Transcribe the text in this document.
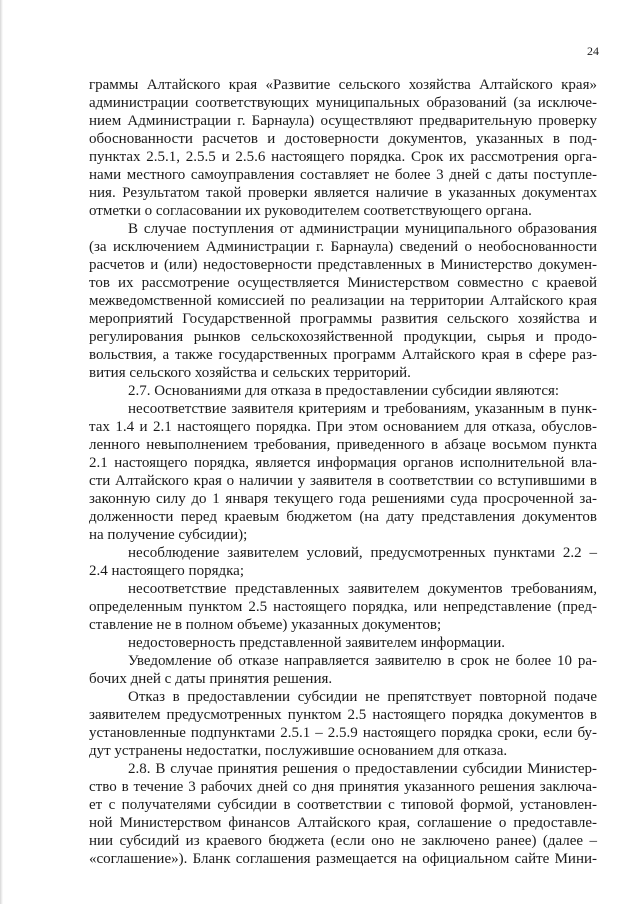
24
граммы Алтайского края «Развитие сельского хозяйства Алтайского края»
администрации соответствующих муниципальных образований (за исключе-
нием Администрации г. Барнаула) осуществляют предварительную проверку
обоснованности расчетов и достоверности документов, указанных в под-
пунктах 2.5.1, 2.5.5 и 2.5.6 настоящего порядка. Срок их рассмотрения орга-
нами местного самоуправления составляет не более 3 дней с даты поступле-
ния. Результатом такой проверки является наличие в указанных документах
отметки о согласовании их руководителем соответствующего органа.
В случае поступления от администрации муниципального образования
(за исключением Администрации г. Барнаула) сведений о необоснованности
расчетов и (или) недостоверности представленных в Министерство докумен-
тов их рассмотрение осуществляется Министерством совместно с краевой
межведомственной комиссией по реализации на территории Алтайского края
мероприятий Государственной программы развития сельского хозяйства и
регулирования рынков сельскохозяйственной продукции, сырья и продо-
вольствия, а также государственных программ Алтайского края в сфере раз-
вития сельского хозяйства и сельских территорий.
2.7. Основаниями для отказа в предоставлении субсидии являются:
несоответствие заявителя критериям и требованиям, указанным в пунк-
тах 1.4 и 2.1 настоящего порядка. При этом основанием для отказа, обуслов-
ленного невыполнением требования, приведенного в абзаце восьмом пункта
2.1 настоящего порядка, является информация органов исполнительной вла-
сти Алтайского края о наличии у заявителя в соответствии со вступившими в
законную силу до 1 января текущего года решениями суда просроченной за-
долженности перед краевым бюджетом (на дату представления документов
на получение субсидии);
несоблюдение заявителем условий, предусмотренных пунктами 2.2 –
2.4 настоящего порядка;
несоответствие представленных заявителем документов требованиям,
определенным пунктом 2.5 настоящего порядка, или непредставление (пред-
ставление не в полном объеме) указанных документов;
недостоверность представленной заявителем информации.
Уведомление об отказе направляется заявителю в срок не более 10 ра-
бочих дней с даты принятия решения.
Отказ в предоставлении субсидии не препятствует повторной подаче
заявителем предусмотренных пунктом 2.5 настоящего порядка документов в
установленные подпунктами 2.5.1 – 2.5.9 настоящего порядка сроки, если бу-
дут устранены недостатки, послужившие основанием для отказа.
2.8. В случае принятия решения о предоставлении субсидии Министер-
ство в течение 3 рабочих дней со дня принятия указанного решения заключа-
ет с получателями субсидии в соответствии с типовой формой, установлен-
ной Министерством финансов Алтайского края, соглашение о предоставле-
нии субсидий из краевого бюджета (если оно не заключено ранее) (далее –
«соглашение»). Бланк соглашения размещается на официальном сайте Мини-
